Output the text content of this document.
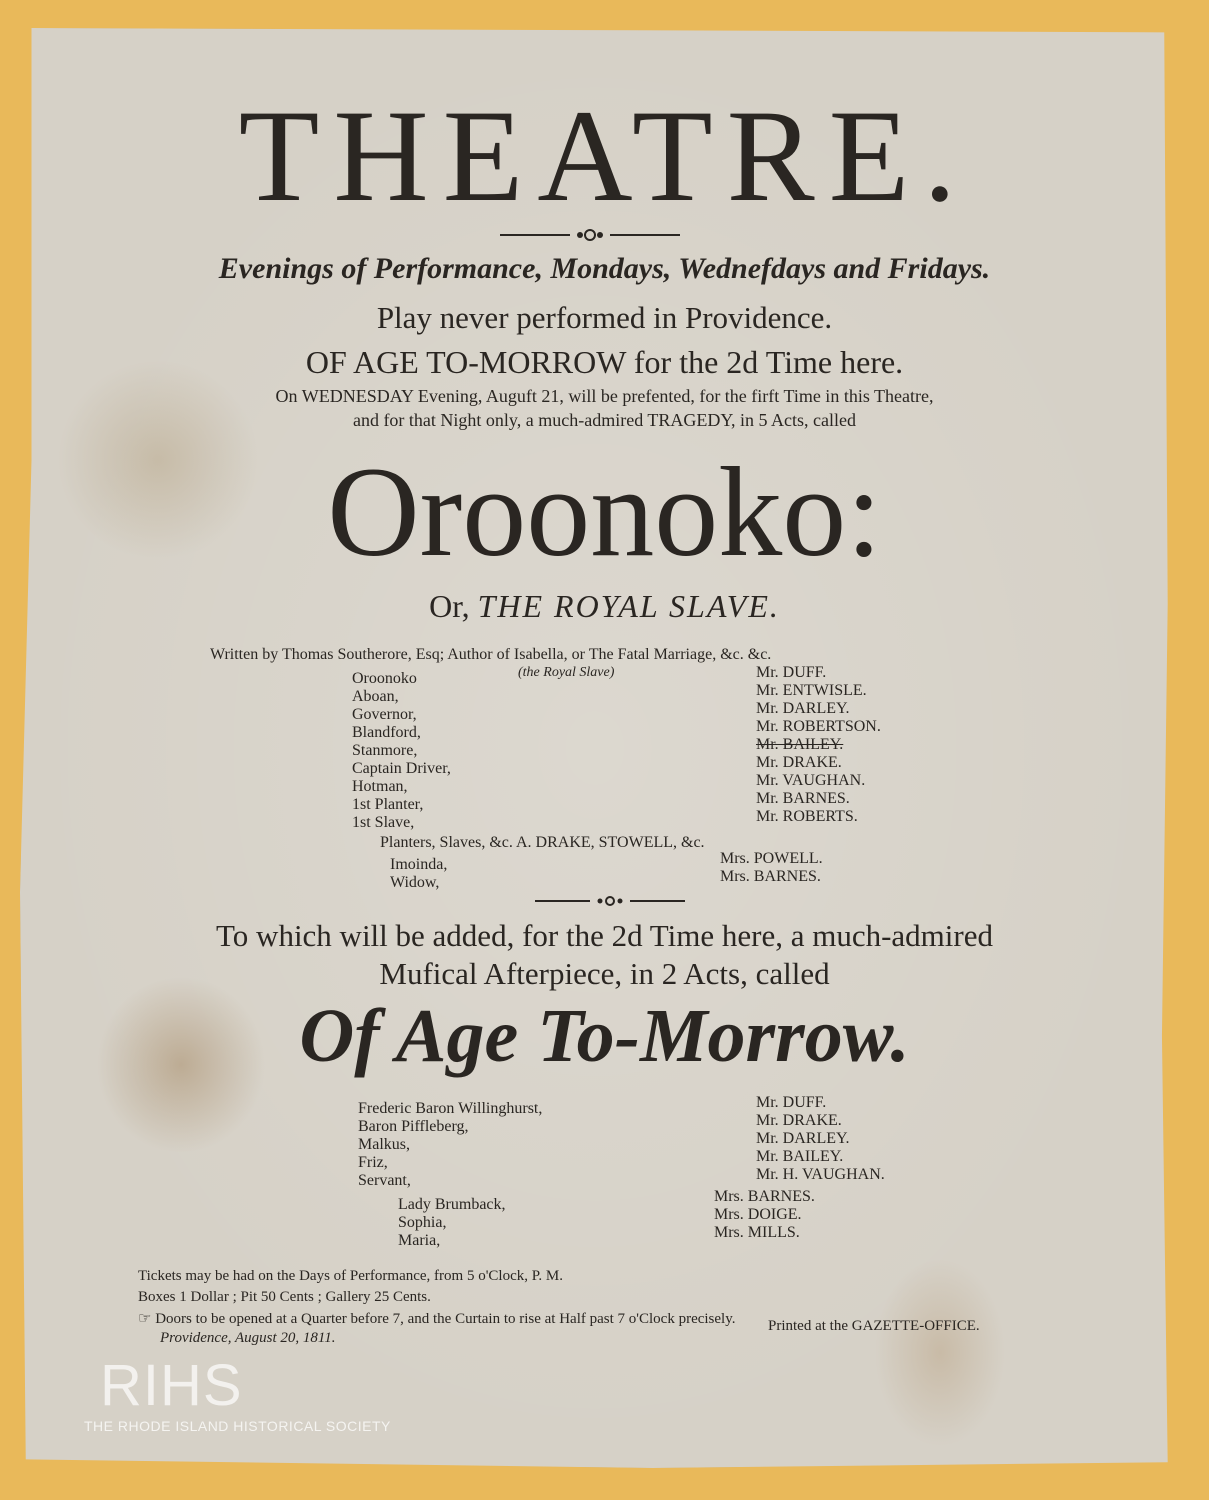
THEATRE.
Evenings of Performance, Mondays, Wednefdays and Fridays.
Play never performed in Providence.
OF AGE TO-MORROW for the 2d Time here.
On WEDNESDAY Evening, Auguft 21, will be prefented, for the firft Time in this Theatre,
and for that Night only, a much-admired TRAGEDY, in 5 Acts, called
Oroonoko:
Or, THE ROYAL SLAVE.
Written by Thomas Southerore, Esq; Author of Isabella, or The Fatal Marriage, &c. &c.
(the Royal Slave)
Oroonoko
Aboan,
Governor,
Blandford,
Stanmore,
Captain Driver,
Hotman,
1st Planter,
1st Slave,
Mr. DUFF.
Mr. ENTWISLE.
Mr. DARLEY.
Mr. ROBERTSON.
Mr. BAILEY.
Mr. DRAKE.
Mr. VAUGHAN.
Mr. BARNES.
Mr. ROBERTS.
Planters, Slaves, &c. A. DRAKE, STOWELL, &c.
Imoinda,
Widow,
Mrs. POWELL.
Mrs. BARNES.
To which will be added, for the 2d Time here, a much-admired
Mufical Afterpiece, in 2 Acts, called
Of Age To-Morrow.
Frederic Baron Willinghurst,
Baron Piffleberg,
Malkus,
Friz,
Servant,
Mr. DUFF.
Mr. DRAKE.
Mr. DARLEY.
Mr. BAILEY.
Mr. H. VAUGHAN.
Lady Brumback,
Sophia,
Maria,
Mrs. BARNES.
Mrs. DOIGE.
Mrs. MILLS.
Tickets may be had on the Days of Performance, from 5 o'Clock, P. M.
Boxes 1 Dollar ; Pit 50 Cents ; Gallery 25 Cents.
☞ Doors to be opened at a Quarter before 7, and the Curtain to rise at Half past 7 o'Clock precisely. Printed at the GAZETTE-OFFICE.
Providence, August 20, 1811.
RIHS
THE RHODE ISLAND HISTORICAL SOCIETY
